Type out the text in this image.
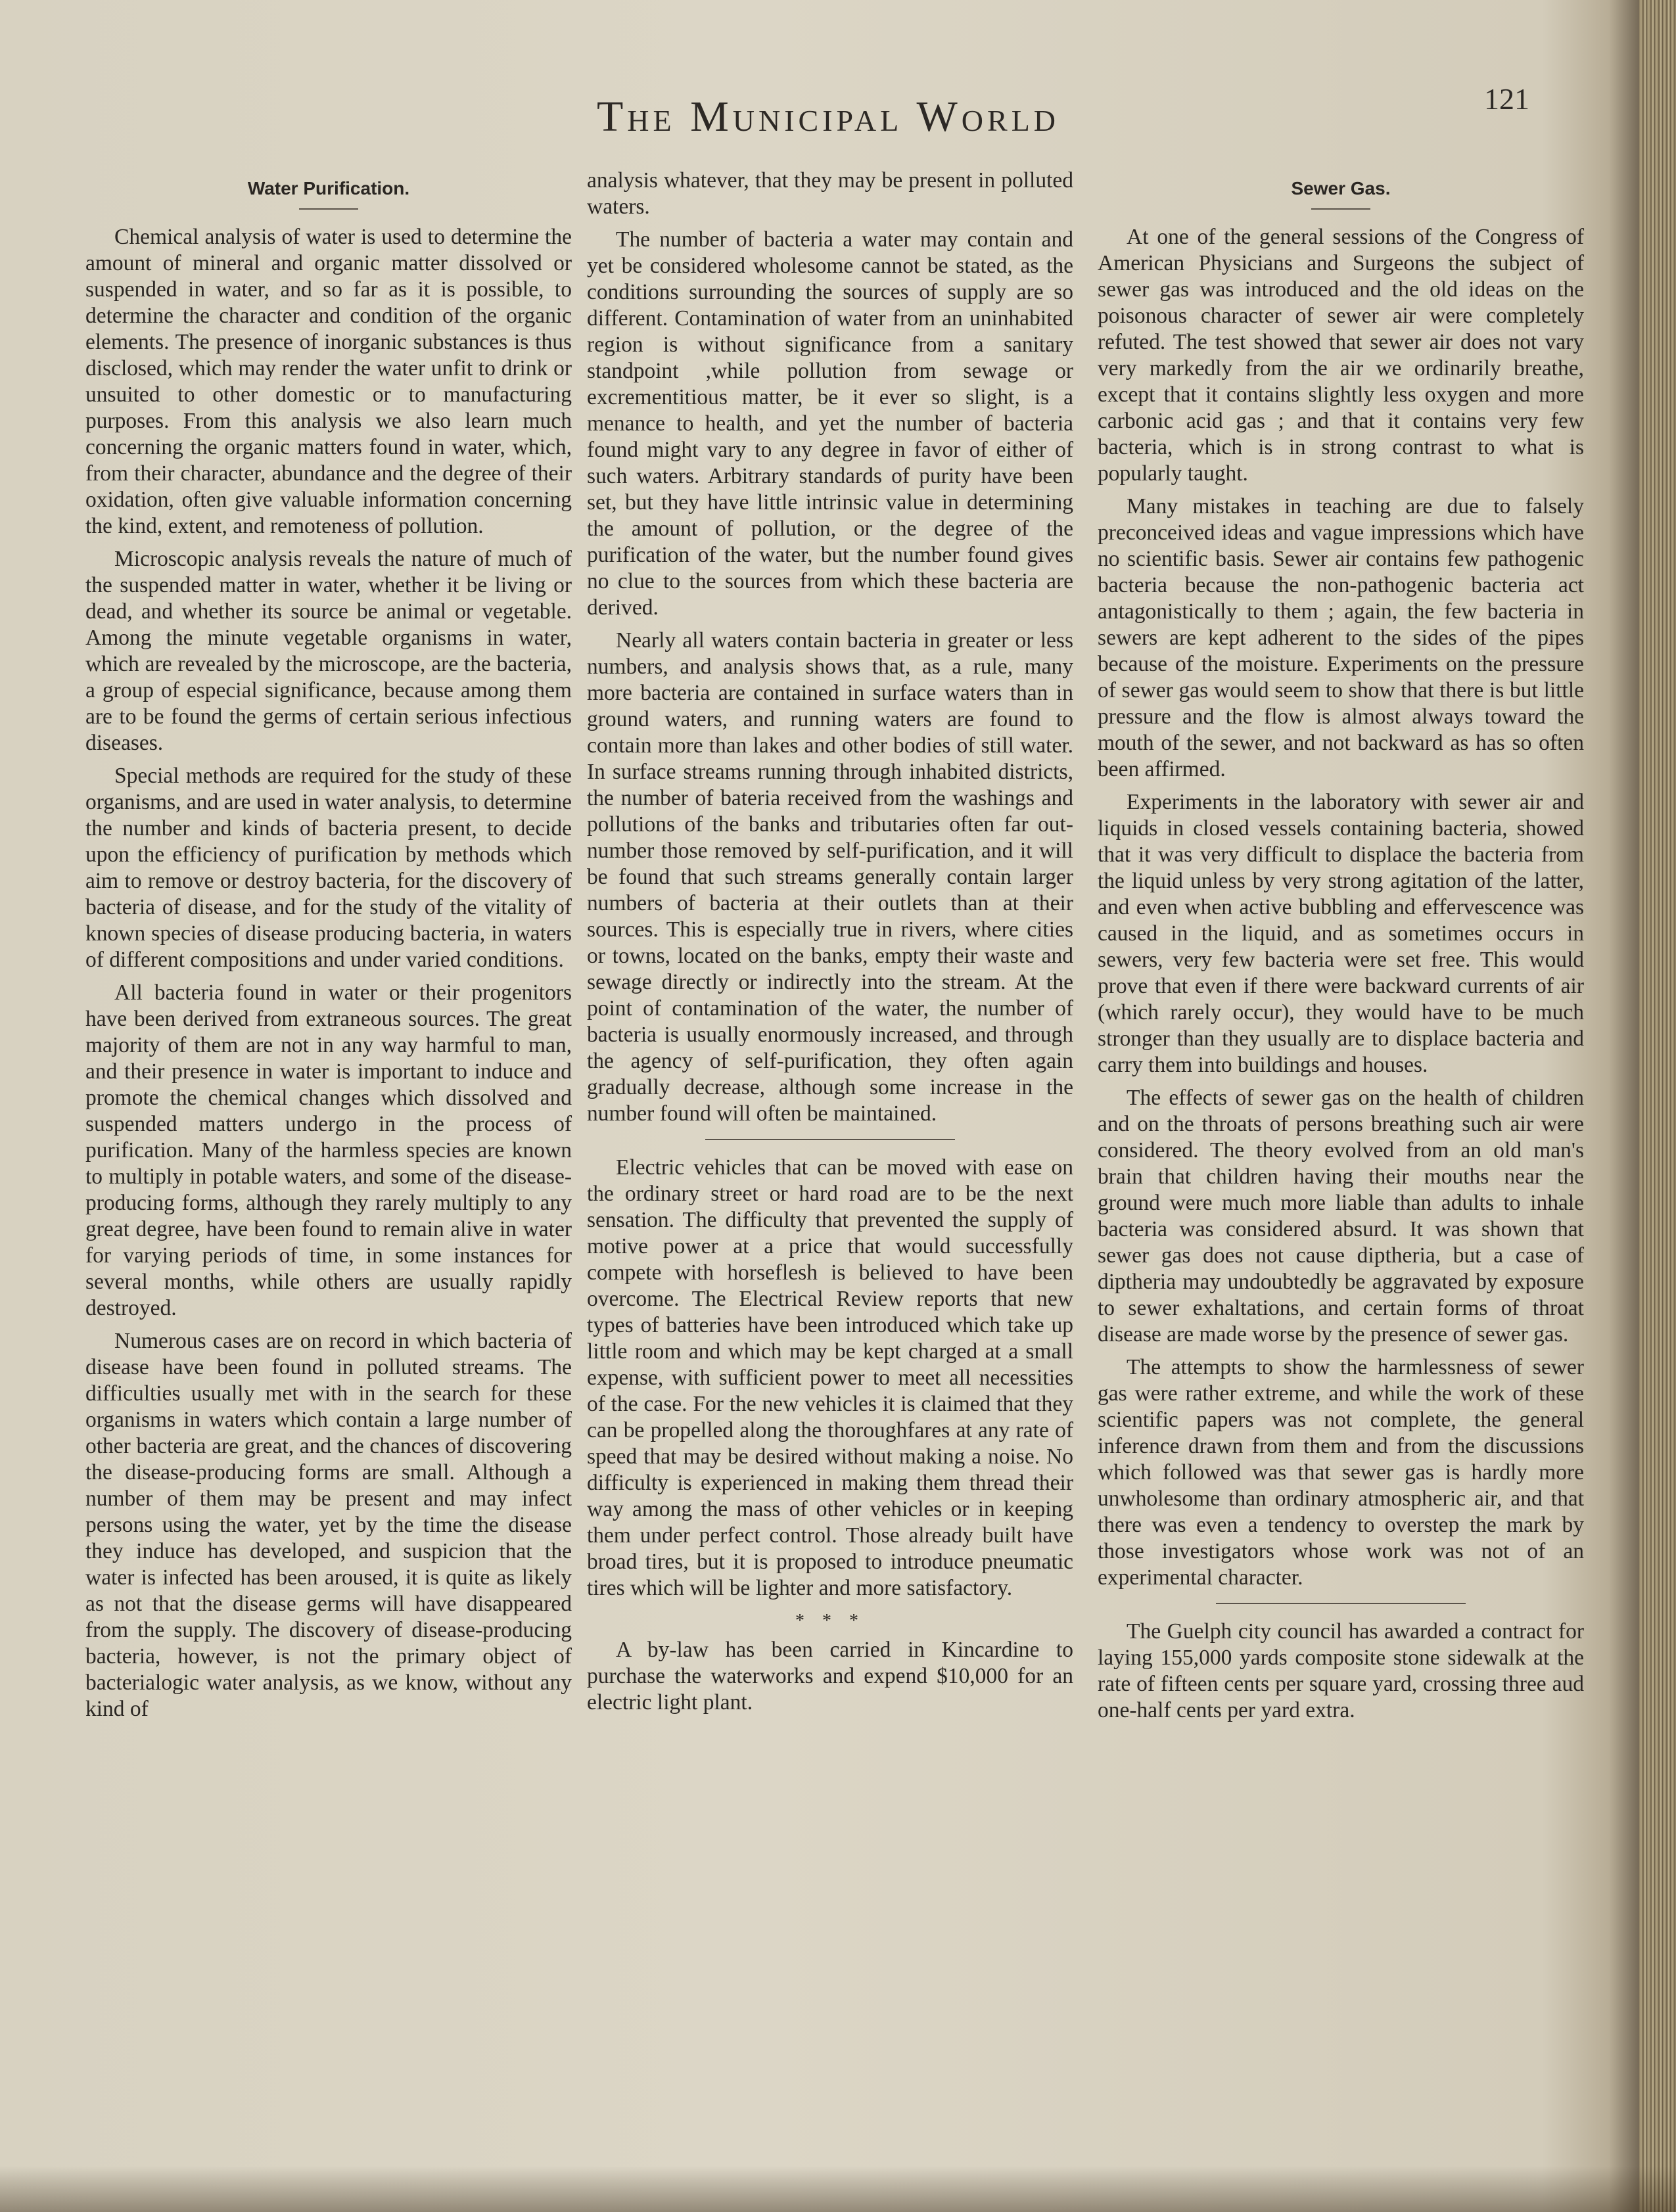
The Municipal World	121
Water Purification.

Chemical analysis of water is used to determine the amount of mineral and organic matter dissolved or suspended in water, and so far as it is possible, to determine the character and condition of the organic elements. The presence of inorganic substances is thus disclosed, which may render the water unfit to drink or unsuited to other domestic or to manufacturing purposes. From this analysis we also learn much concerning the organic matters found in water, which, from their character, abundance and the degree of their oxidation, often give valuable information concerning the kind, extent, and remoteness of pollution.

Microscopic analysis reveals the nature of much of the suspended matter in water, whether it be living or dead, and whether its source be animal or vegetable. Among the minute vegetable organisms in water, which are revealed by the microscope, are the bacteria, a group of especial significance, because among them are to be found the germs of certain serious infectious diseases.

Special methods are required for the study of these organisms, and are used in water analysis, to determine the number and kinds of bacteria present, to decide upon the efficiency of purification by methods which aim to remove or destroy bacteria, for the discovery of bacteria of disease, and for the study of the vitality of known species of disease producing bacteria, in waters of different compositions and under varied conditions.

All bacteria found in water or their progenitors have been derived from extraneous sources. The great majority of them are not in any way harmful to man, and their presence in water is important to induce and promote the chemical changes which dissolved and suspended matters undergo in the process of purification. Many of the harmless species are known to multiply in potable waters, and some of the disease-producing forms, although they rarely multiply to any great degree, have been found to remain alive in water for varying periods of time, in some instances for several months, while others are usually rapidly destroyed.

Numerous cases are on record in which bacteria of disease have been found in polluted streams. The difficulties usually met with in the search for these organisms in waters which contain a large number of other bacteria are great, and the chances of discovering the disease-producing forms are small. Although a number of them may be present and may infect persons using the water, yet by the time the disease they induce has developed, and suspicion that the water is infected has been aroused, it is quite as likely as not that the disease germs will have disappeared from the supply. The discovery of disease-producing bacteria, however, is not the primary object of bacterialogic water analysis, as we know, without any kind of

analysis whatever, that they may be present in polluted waters.

The number of bacteria a water may contain and yet be considered wholesome cannot be stated, as the conditions surrounding the sources of supply are so different. Contamination of water from an uninhabited region is without significance from a sanitary standpoint ,while pollution from sewage or excrementitious matter, be it ever so slight, is a menance to health, and yet the number of bacteria found might vary to any degree in favor of either of such waters. Arbitrary standards of purity have been set, but they have little intrinsic value in determining the amount of pollution, or the degree of the purification of the water, but the number found gives no clue to the sources from which these bacteria are derived.

Nearly all waters contain bacteria in greater or less numbers, and analysis shows that, as a rule, many more bacteria are contained in surface waters than in ground waters, and running waters are found to contain more than lakes and other bodies of still water. In surface streams running through inhabited districts, the number of bateria received from the washings and pollutions of the banks and tributaries often far out-number those removed by self-purification, and it will be found that such streams generally contain larger numbers of bacteria at their outlets than at their sources. This is especially true in rivers, where cities or towns, located on the banks, empty their waste and sewage directly or indirectly into the stream. At the point of contamination of the water, the number of bacteria is usually enormously increased, and through the agency of self-purification, they often again gradually decrease, although some increase in the number found will often be maintained.

Electric vehicles that can be moved with ease on the ordinary street or hard road are to be the next sensation. The difficulty that prevented the supply of motive power at a price that would successfully compete with horseflesh is believed to have been overcome. The Electrical Review reports that new types of batteries have been introduced which take up little room and which may be kept charged at a small expense, with sufficient power to meet all necessities of the case. For the new vehicles it is claimed that they can be propelled along the thoroughfares at any rate of speed that may be desired without making a noise. No difficulty is experienced in making them thread their way among the mass of other vehicles or in keeping them under perfect control. Those already built have broad tires, but it is proposed to introduce pneumatic tires which will be lighter and more satisfactory.

* * *

A by-law has been carried in Kincardine to purchase the waterworks and expend $10,000 for an electric light plant.

Sewer Gas.

At one of the general sessions of the Congress of American Physicians and Surgeons the subject of sewer gas was introduced and the old ideas on the poisonous character of sewer air were completely refuted. The test showed that sewer air does not vary very markedly from the air we ordinarily breathe, except that it contains slightly less oxygen and more carbonic acid gas ; and that it contains very few bacteria, which is in strong contrast to what is popularly taught.

Many mistakes in teaching are due to falsely preconceived ideas and vague impressions which have no scientific basis. Sewer air contains few pathogenic bacteria because the non-pathogenic bacteria act antagonistically to them ; again, the few bacteria in sewers are kept adherent to the sides of the pipes because of the moisture. Experiments on the pressure of sewer gas would seem to show that there is but little pressure and the flow is almost always toward the mouth of the sewer, and not backward as has so often been affirmed.

Experiments in the laboratory with sewer air and liquids in closed vessels containing bacteria, showed that it was very difficult to displace the bacteria from the liquid unless by very strong agitation of the latter, and even when active bubbling and effervescence was caused in the liquid, and as sometimes occurs in sewers, very few bacteria were set free. This would prove that even if there were backward currents of air (which rarely occur), they would have to be much stronger than they usually are to displace bacteria and carry them into buildings and houses.

The effects of sewer gas on the health of children and on the throats of persons breathing such air were considered. The theory evolved from an old man's brain that children having their mouths near the ground were much more liable than adults to inhale bacteria was considered absurd. It was shown that sewer gas does not cause diptheria, but a case of diptheria may undoubtedly be aggravated by exposure to sewer exhaltations, and certain forms of throat disease are made worse by the presence of sewer gas.

The attempts to show the harmlessness of sewer gas were rather extreme, and while the work of these scientific papers was not complete, the general inference drawn from them and from the discussions which followed was that sewer gas is hardly more unwholesome than ordinary atmospheric air, and that there was even a tendency to overstep the mark by those investigators whose work was not of an experimental character.

The Guelph city council has awarded a contract for laying 155,000 yards composite stone sidewalk at the rate of fifteen cents per square yard, crossing three aud one-half cents per yard extra.
